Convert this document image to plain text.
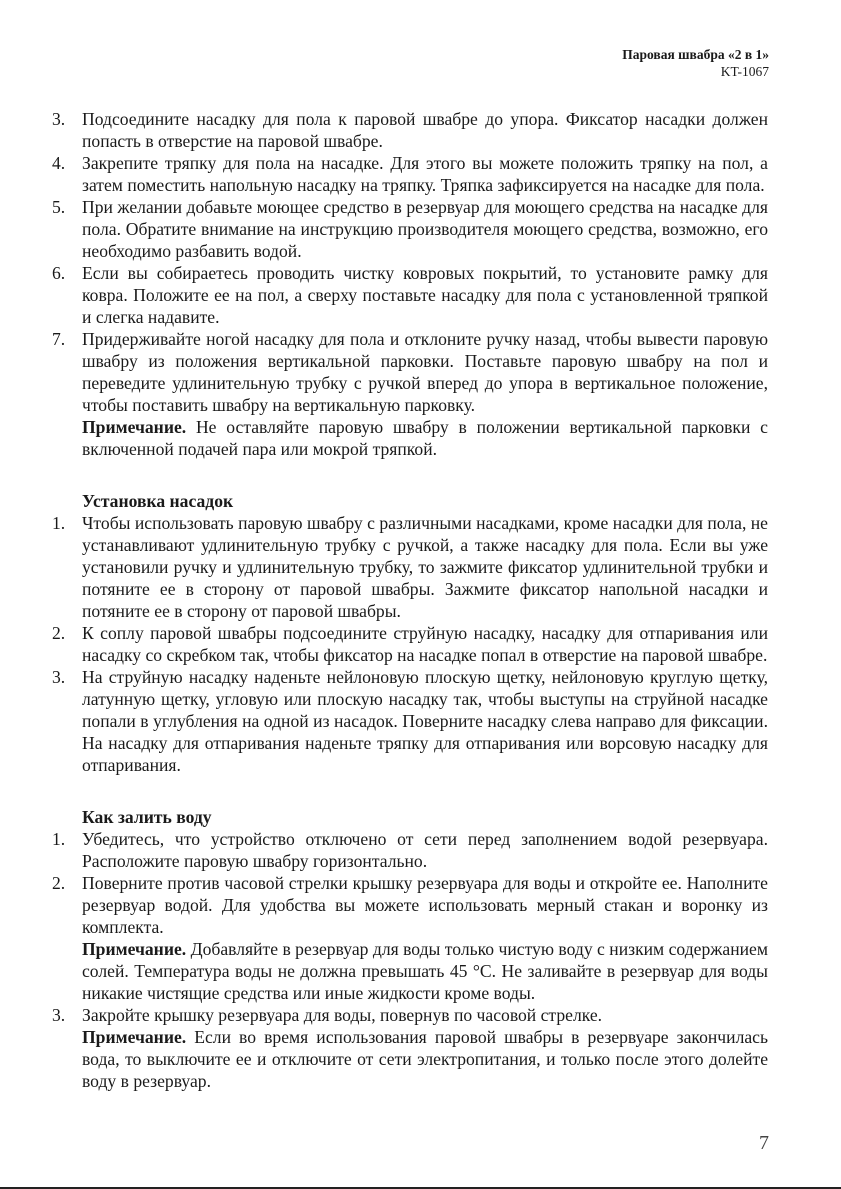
Паровая швабра «2 в 1»
KT-1067
3. Подсоедините насадку для пола к паровой швабре до упора. Фиксатор насадки должен попасть в отверстие на паровой швабре.

4. Закрепите тряпку для пола на насадке. Для этого вы можете положить тряпку на пол, а затем поместить напольную насадку на тряпку. Тряпка зафиксируется на насадке для пола.

5. При желании добавьте моющее средство в резервуар для моющего средства на насадке для пола. Обратите внимание на инструкцию производителя моющего средства, возможно, его необходимо разбавить водой.

6. Если вы собираетесь проводить чистку ковровых покрытий, то установите рамку для ковра. Положите ее на пол, а сверху поставьте насадку для пола с установленной тряпкой и слегка надавите.

7. Придерживайте ногой насадку для пола и отклоните ручку назад, чтобы вывести паровую швабру из положения вертикальной парковки. Поставьте паровую швабру на пол и переведите удлинительную трубку с ручкой вперед до упора в вертикальное положение, чтобы поставить швабру на вертикальную парковку.

Примечание. Не оставляйте паровую швабру в положении вертикальной парковки с включенной подачей пара или мокрой тряпкой.

Установка насадок
1. Чтобы использовать паровую швабру с различными насадками, кроме насадки для пола, не устанавливают удлинительную трубку с ручкой, а также насадку для пола. Если вы уже установили ручку и удлинительную трубку, то зажмите фиксатор удлинительной трубки и потяните ее в сторону от паровой швабры. Зажмите фиксатор напольной насадки и потяните ее в сторону от паровой швабры.

2. К соплу паровой швабры подсоедините струйную насадку, насадку для отпаривания или насадку со скребком так, чтобы фиксатор на насадке попал в отверстие на паровой швабре.

3. На струйную насадку наденьте нейлоновую плоскую щетку, нейлоновую круглую щетку, латунную щетку, угловую или плоскую насадку так, чтобы выступы на струйной насадке попали в углубления на одной из насадок. Поверните насадку слева направо для фиксации. На насадку для отпаривания наденьте тряпку для отпаривания или ворсовую насадку для отпаривания.

Как залить воду
1. Убедитесь, что устройство отключено от сети перед заполнением водой резервуара. Расположите паровую швабру горизонтально.

2. Поверните против часовой стрелки крышку резервуара для воды и откройте ее. Наполните резервуар водой. Для удобства вы можете использовать мерный стакан и воронку из комплекта.

Примечание. Добавляйте в резервуар для воды только чистую воду с низким содержанием солей. Температура воды не должна превышать 45 °C. Не заливайте в резервуар для воды никакие чистящие средства или иные жидкости кроме воды.

3. Закройте крышку резервуара для воды, повернув по часовой стрелке.

Примечание. Если во время использования паровой швабры в резервуаре закончилась вода, то выключите ее и отключите от сети электропитания, и только после этого долейте воду в резервуар.

7
